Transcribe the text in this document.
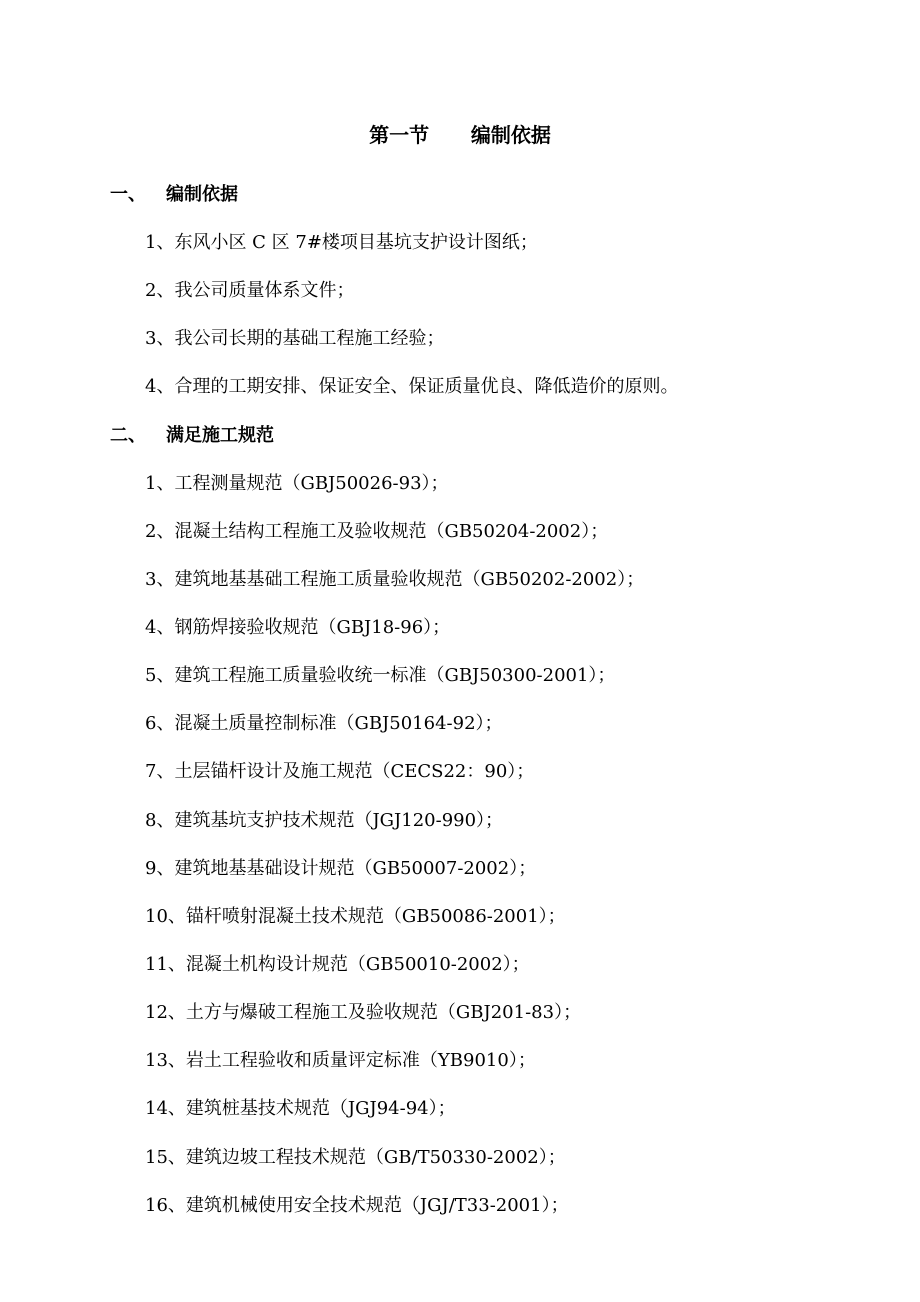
第一节      编制依据
一、 编制依据
1、东风小区 C 区 7#楼项目基坑支护设计图纸；
2、我公司质量体系文件；
3、我公司长期的基础工程施工经验；
4、合理的工期安排、保证安全、保证质量优良、降低造价的原则。
二、 满足施工规范
1、工程测量规范（GBJ50026-93）；
2、混凝土结构工程施工及验收规范（GB50204-2002）；
3、建筑地基基础工程施工质量验收规范（GB50202-2002）；
4、钢筋焊接验收规范（GBJ18-96）；
5、建筑工程施工质量验收统一标准（GBJ50300-2001）；
6、混凝土质量控制标准（GBJ50164-92）；
7、土层锚杆设计及施工规范（CECS22：90）；
8、建筑基坑支护技术规范（JGJ120-990）；
9、建筑地基基础设计规范（GB50007-2002）；
10、锚杆喷射混凝土技术规范（GB50086-2001）；
11、混凝土机构设计规范（GB50010-2002）；
12、土方与爆破工程施工及验收规范（GBJ201-83）；
13、岩土工程验收和质量评定标准（YB9010）；
14、建筑桩基技术规范（JGJ94-94）；
15、建筑边坡工程技术规范（GB/T50330-2002）；
16、建筑机械使用安全技术规范（JGJ/T33-2001）；
